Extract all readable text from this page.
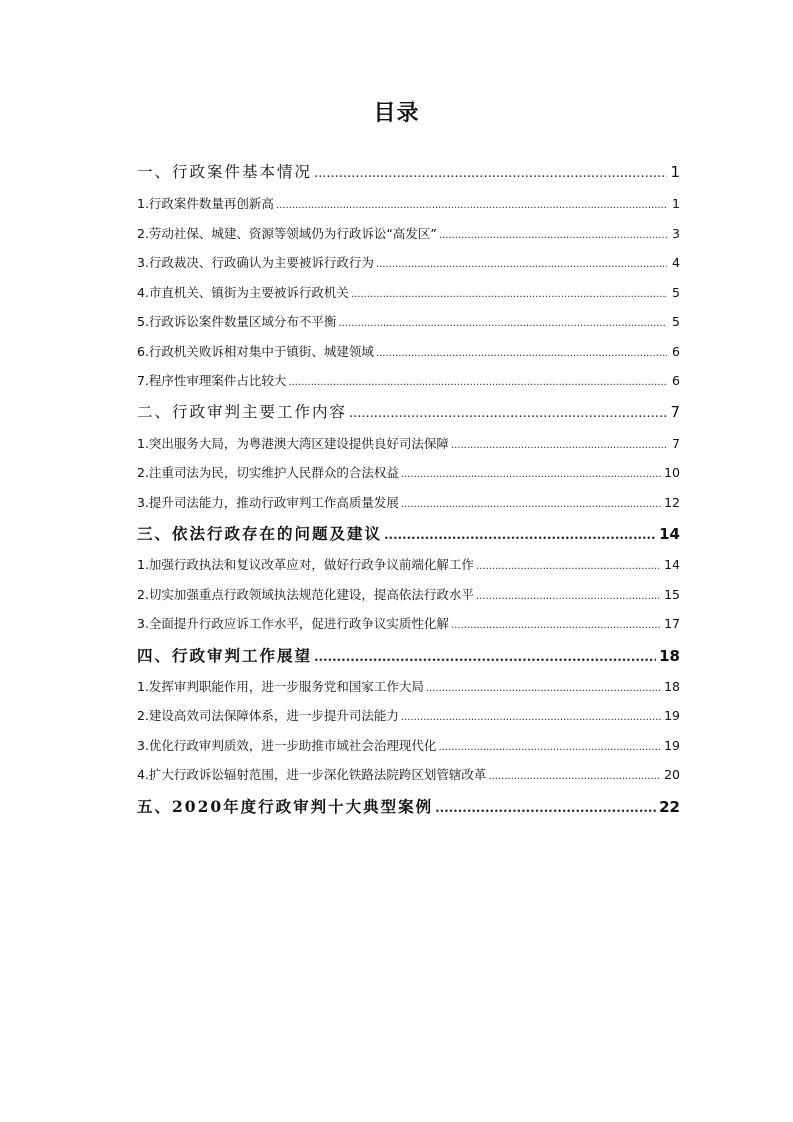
目录
一、行政案件基本情况 .....	1
1.行政案件数量再创新高 .....	1
2.劳动社保、城建、资源等领域仍为行政诉讼“高发区” .....	3
3.行政裁决、行政确认为主要被诉行政行为 .....	4
4.市直机关、镇街为主要被诉行政机关 .....	5
5.行政诉讼案件数量区域分布不平衡 .....	5
6.行政机关败诉相对集中于镇街、城建领域 .....	6
7.程序性审理案件占比较大 .....	6
二、行政审判主要工作内容 .....	7
1.突出服务大局，为粤港澳大湾区建设提供良好司法保障 .....	7
2.注重司法为民，切实维护人民群众的合法权益 .....	10
3.提升司法能力，推动行政审判工作高质量发展 .....	12
三、依法行政存在的问题及建议 .....	14
1.加强行政执法和复议改革应对，做好行政争议前端化解工作 .....	14
2.切实加强重点行政领域执法规范化建设，提高依法行政水平 .....	15
3.全面提升行政应诉工作水平，促进行政争议实质性化解 .....	17
四、行政审判工作展望 .....	18
1.发挥审判职能作用，进一步服务党和国家工作大局 .....	18
2.建设高效司法保障体系，进一步提升司法能力 .....	19
3.优化行政审判质效，进一步助推市域社会治理现代化 .....	19
4.扩大行政诉讼辐射范围，进一步深化铁路法院跨区划管辖改革 .....	20
五、2020年度行政审判十大典型案例 .....	22
